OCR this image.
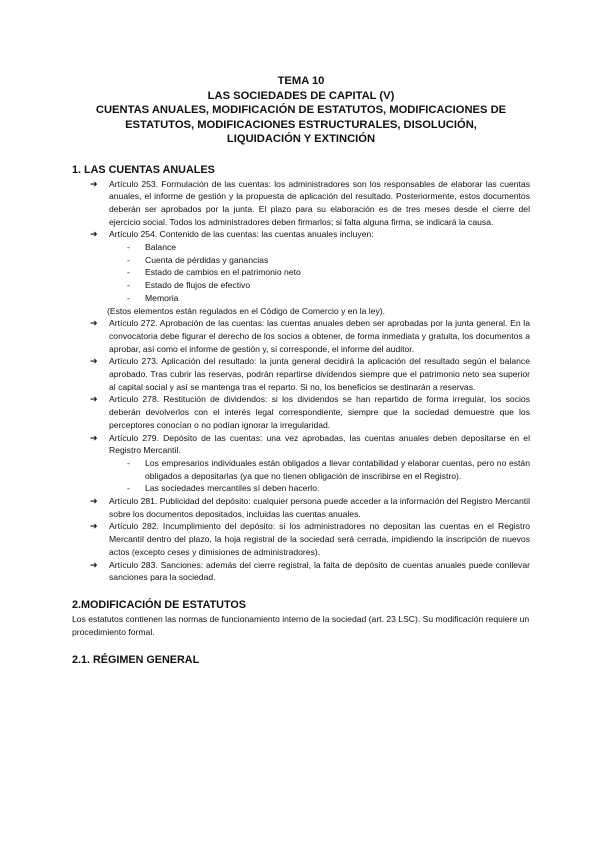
TEMA 10
LAS SOCIEDADES DE CAPITAL (V)
CUENTAS ANUALES, MODIFICACIÓN DE ESTATUTOS, MODIFICACIONES DE
ESTATUTOS, MODIFICACIONES ESTRUCTURALES, DISOLUCIÓN,
LIQUIDACIÓN Y EXTINCIÓN
1. LAS CUENTAS ANUALES
➔ Artículo 253. Formulación de las cuentas: los administradores son los responsables de elaborar las cuentas anuales, el informe de gestión y la propuesta de aplicación del resultado. Posteriormente, estos documentos deberán ser aprobados por la junta. El plazo para su elaboración es de tres meses desde el cierre del ejercicio social. Todos los administradores deben firmarlos; si falta alguna firma, se indicará la causa.
➔ Artículo 254. Contenido de las cuentas: las cuentas anuales incluyen:
- Balance
- Cuenta de pérdidas y ganancias
- Estado de cambios en el patrimonio neto
- Estado de flujos de efectivo
- Memoria
(Estos elementos están regulados en el Código de Comercio y en la ley).
➔ Artículo 272. Aprobación de las cuentas: las cuentas anuales deben ser aprobadas por la junta general. En la convocatoria debe figurar el derecho de los socios a obtener, de forma inmediata y gratuita, los documentos a aprobar, así como el informe de gestión y, si corresponde, el informe del auditor.
➔ Artículo 273. Aplicación del resultado: la junta general decidirá la aplicación del resultado según el balance aprobado. Tras cubrir las reservas, podrán repartirse dividendos siempre que el patrimonio neto sea superior al capital social y así se mantenga tras el reparto. Si no, los beneficios se destinarán a reservas.
➔ Artículo 278. Restitución de dividendos: si los dividendos se han repartido de forma irregular, los socios deberán devolverlos con el interés legal correspondiente, siempre que la sociedad demuestre que los perceptores conocían o no podían ignorar la irregularidad.
➔ Artículo 279. Depósito de las cuentas: una vez aprobadas, las cuentas anuales deben depositarse en el Registro Mercantil.
- Los empresarios individuales están obligados a llevar contabilidad y elaborar cuentas, pero no están obligados a depositarlas (ya que no tienen obligación de inscribirse en el Registro).
- Las sociedades mercantiles sí deben hacerlo.
➔ Artículo 281. Publicidad del depósito: cualquier persona puede acceder a la información del Registro Mercantil sobre los documentos depositados, incluidas las cuentas anuales.
➔ Artículo 282. Incumplimiento del depósito: si los administradores no depositan las cuentas en el Registro Mercantil dentro del plazo, la hoja registral de la sociedad será cerrada, impidiendo la inscripción de nuevos actos (excepto ceses y dimisiones de administradores).
➔ Artículo 283. Sanciones: además del cierre registral, la falta de depósito de cuentas anuales puede conllevar sanciones para la sociedad.
2.MODIFICACIÓN DE ESTATUTOS

Los estatutos contienen las normas de funcionamiento interno de la sociedad (art. 23 LSC). Su modificación requiere un procedimiento formal.

2.1. RÉGIMEN GENERAL
